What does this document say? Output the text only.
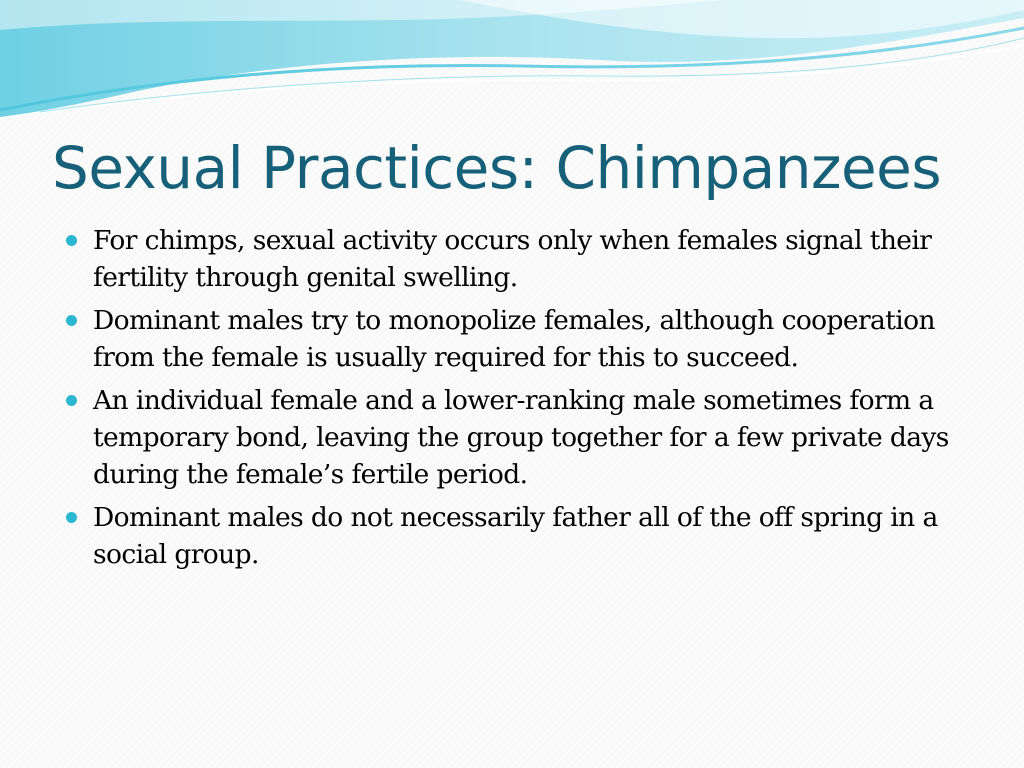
Sexual Practices: Chimpanzees
For chimps, sexual activity occurs only when females signal their fertility through genital swelling.
Dominant males try to monopolize females, although cooperation from the female is usually required for this to succeed.
An individual female and a lower-ranking male sometimes form a temporary bond, leaving the group together for a few private days during the female’s fertile period.
Dominant males do not necessarily father all of the off spring in a social group.
